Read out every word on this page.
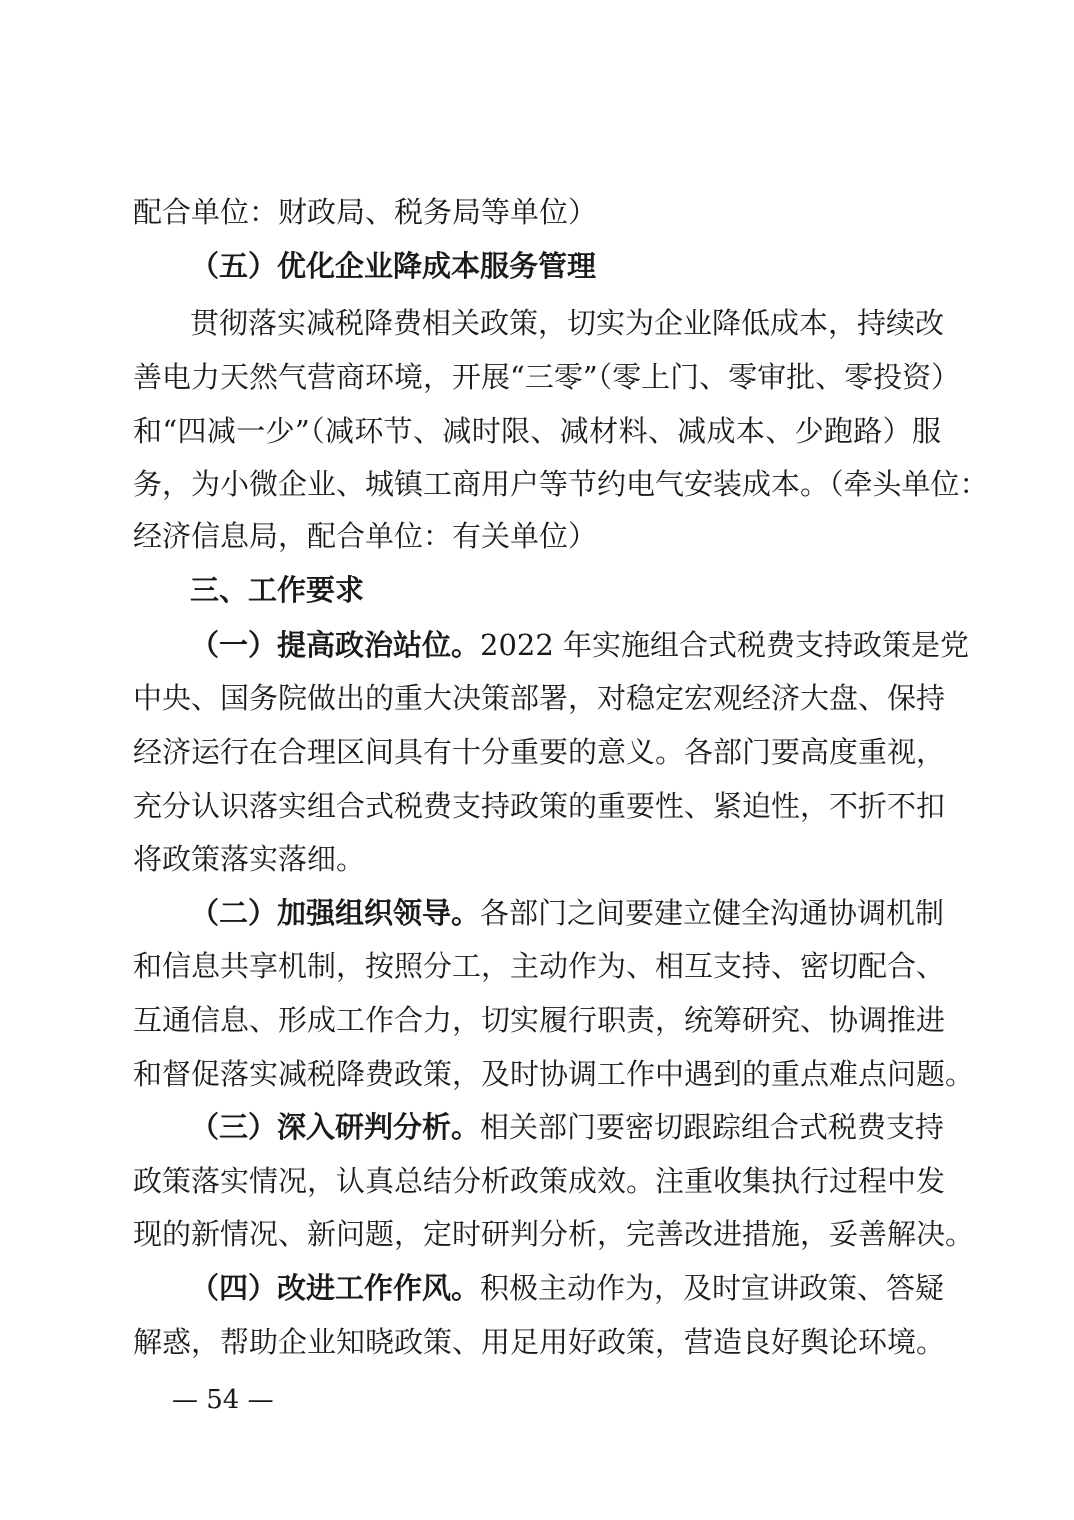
配合单位：财政局、税务局等单位）
（五）优化企业降成本服务管理
贯彻落实减税降费相关政策，切实为企业降低成本，持续改
善电力天然气营商环境，开展“三零”（零上门、零审批、零投资）
和“四减一少”（减环节、减时限、减材料、减成本、少跑路）服
务，为小微企业、城镇工商用户等节约电气安装成本。（牵头单位：
经济信息局，配合单位：有关单位）
三、工作要求
（一）提高政治站位。2022 年实施组合式税费支持政策是党
中央、国务院做出的重大决策部署，对稳定宏观经济大盘、保持
经济运行在合理区间具有十分重要的意义。各部门要高度重视，
充分认识落实组合式税费支持政策的重要性、紧迫性，不折不扣
将政策落实落细。
（二）加强组织领导。各部门之间要建立健全沟通协调机制
和信息共享机制，按照分工，主动作为、相互支持、密切配合、
互通信息、形成工作合力，切实履行职责，统筹研究、协调推进
和督促落实减税降费政策，及时协调工作中遇到的重点难点问题。
（三）深入研判分析。相关部门要密切跟踪组合式税费支持
政策落实情况，认真总结分析政策成效。注重收集执行过程中发
现的新情况、新问题，定时研判分析，完善改进措施，妥善解决。
（四）改进工作作风。积极主动作为，及时宣讲政策、答疑
解惑，帮助企业知晓政策、用足用好政策，营造良好舆论环境。
— 54 —
